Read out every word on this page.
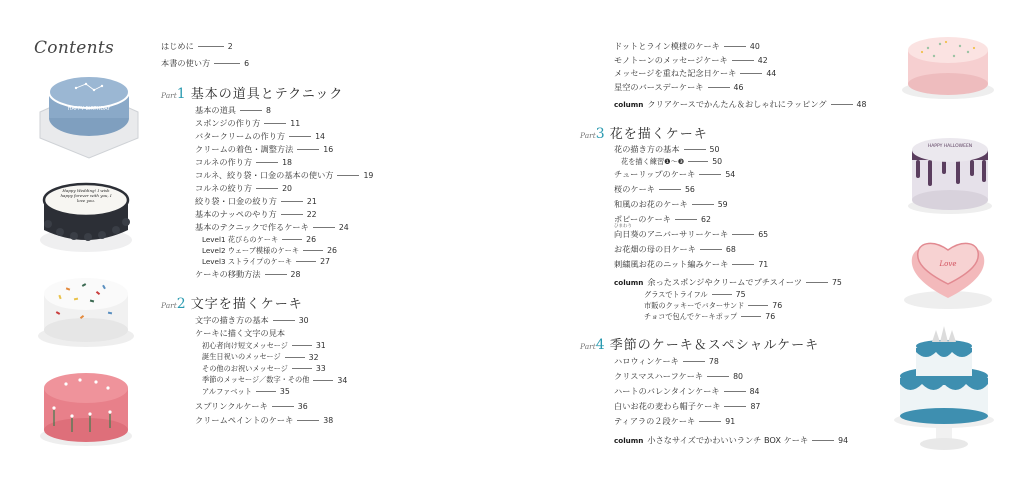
Contents
HAPPY BIRTHDAY
Happy Wedding! I wish happy forever with you, I love you.
はじめに	2
本書の使い方	6
Part 1 基本の道具とテクニック
基本の道具	8
スポンジの作り方	11
バタークリームの作り方	14
クリームの着色・調整方法	16
コルネの作り方	18
コルネ、絞り袋・口金の基本の使い方	19
コルネの絞り方	20
絞り袋・口金の絞り方	21
基本のナッペのやり方	22
基本のテクニックで作るケーキ	24
Level1 花びらのケーキ	26
Level2 ウェーブ模様のケーキ	26
Level3 ストライプのケーキ	27
ケーキの移動方法	28
Part 2 文字を描くケーキ
文字の描き方の基本	30
ケーキに描く文字の見本
初心者向け短文メッセージ	31
誕生日祝いのメッセージ	32
その他のお祝いメッセージ	33
季節のメッセージ／数字・その他	34
アルファベット	35
スプリンクルケーキ	36
クリームペイントのケーキ	38
ドットとライン模様のケーキ	40
モノトーンのメッセージケーキ	42
メッセージを重ねた記念日ケーキ	44
星空のバースデーケーキ	46
column クリアケースでかんたん＆おしゃれにラッピング	48
Part 3 花を描くケーキ
花の描き方の基本	50
花を描く練習❶～❸	50
チューリップのケーキ	54
桜のケーキ	56
和風のお花のケーキ	59
ポピーのケーキ	62
ひまわり
向日葵のアニバーサリーケーキ	65
お花畑の母の日ケーキ	68
刺繍風お花のニット編みケーキ	71
column 余ったスポンジやクリームでプチスイーツ	75
グラスでトライフル	75
市販のクッキーでバターサンド	76
チョコで包んでケーキポップ	76
Part 4 季節のケーキ＆スペシャルケーキ
ハロウィンケーキ	78
クリスマスハーフケーキ	80
ハートのバレンタインケーキ	84
白いお花の麦わら帽子ケーキ	87
ティアラの２段ケーキ	91
column 小さなサイズでかわいいランチ BOX ケーキ	94
HAPPY HALLOWEEN
Love
